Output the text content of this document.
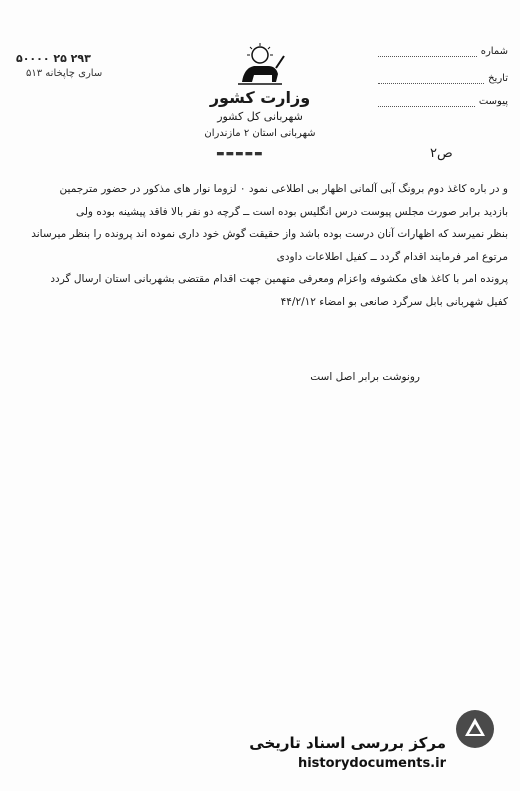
۵۰۰۰۰ ۲۵ ۲۹۳
ساری چاپخانه ۵۱۳
وزارت کشور
شهربانی کل کشور
شهربانی استان ۲ مازندران
▬▬▬▬▬
شماره
تاریخ
پیوست
ص۲
و در باره کاغذ دوم برونگ آبی آلمانی اظهار بی اطلاعی نمود ۰ لزوما نوار های مذکور در حضور مترجمین
بازدید برابر صورت مجلس پیوست درس انگلیس بوده است ــ گرچه دو نفر بالا فاقد پیشینه بوده ولی
بنظر نمیرسد که اظهارات آنان درست بوده باشد واز حقیقت گوش خود داری نموده اند پرونده را بنظر میرساند
مرتوع امر فرمایند اقدام گردد ــ کفیل اطلاعات داودی
پرونده امر با کاغذ های مکشوفه واعزام ومعرفی متهمین جهت اقدام مقتضی بشهربانی استان ارسال گردد
کفیل شهربانی بابل سرگرد صانعی بو امضاء ۴۴/۲/۱۲
رونوشت برابر اصل است
مرکز بررسی اسناد تاریخی
historydocuments.ir
